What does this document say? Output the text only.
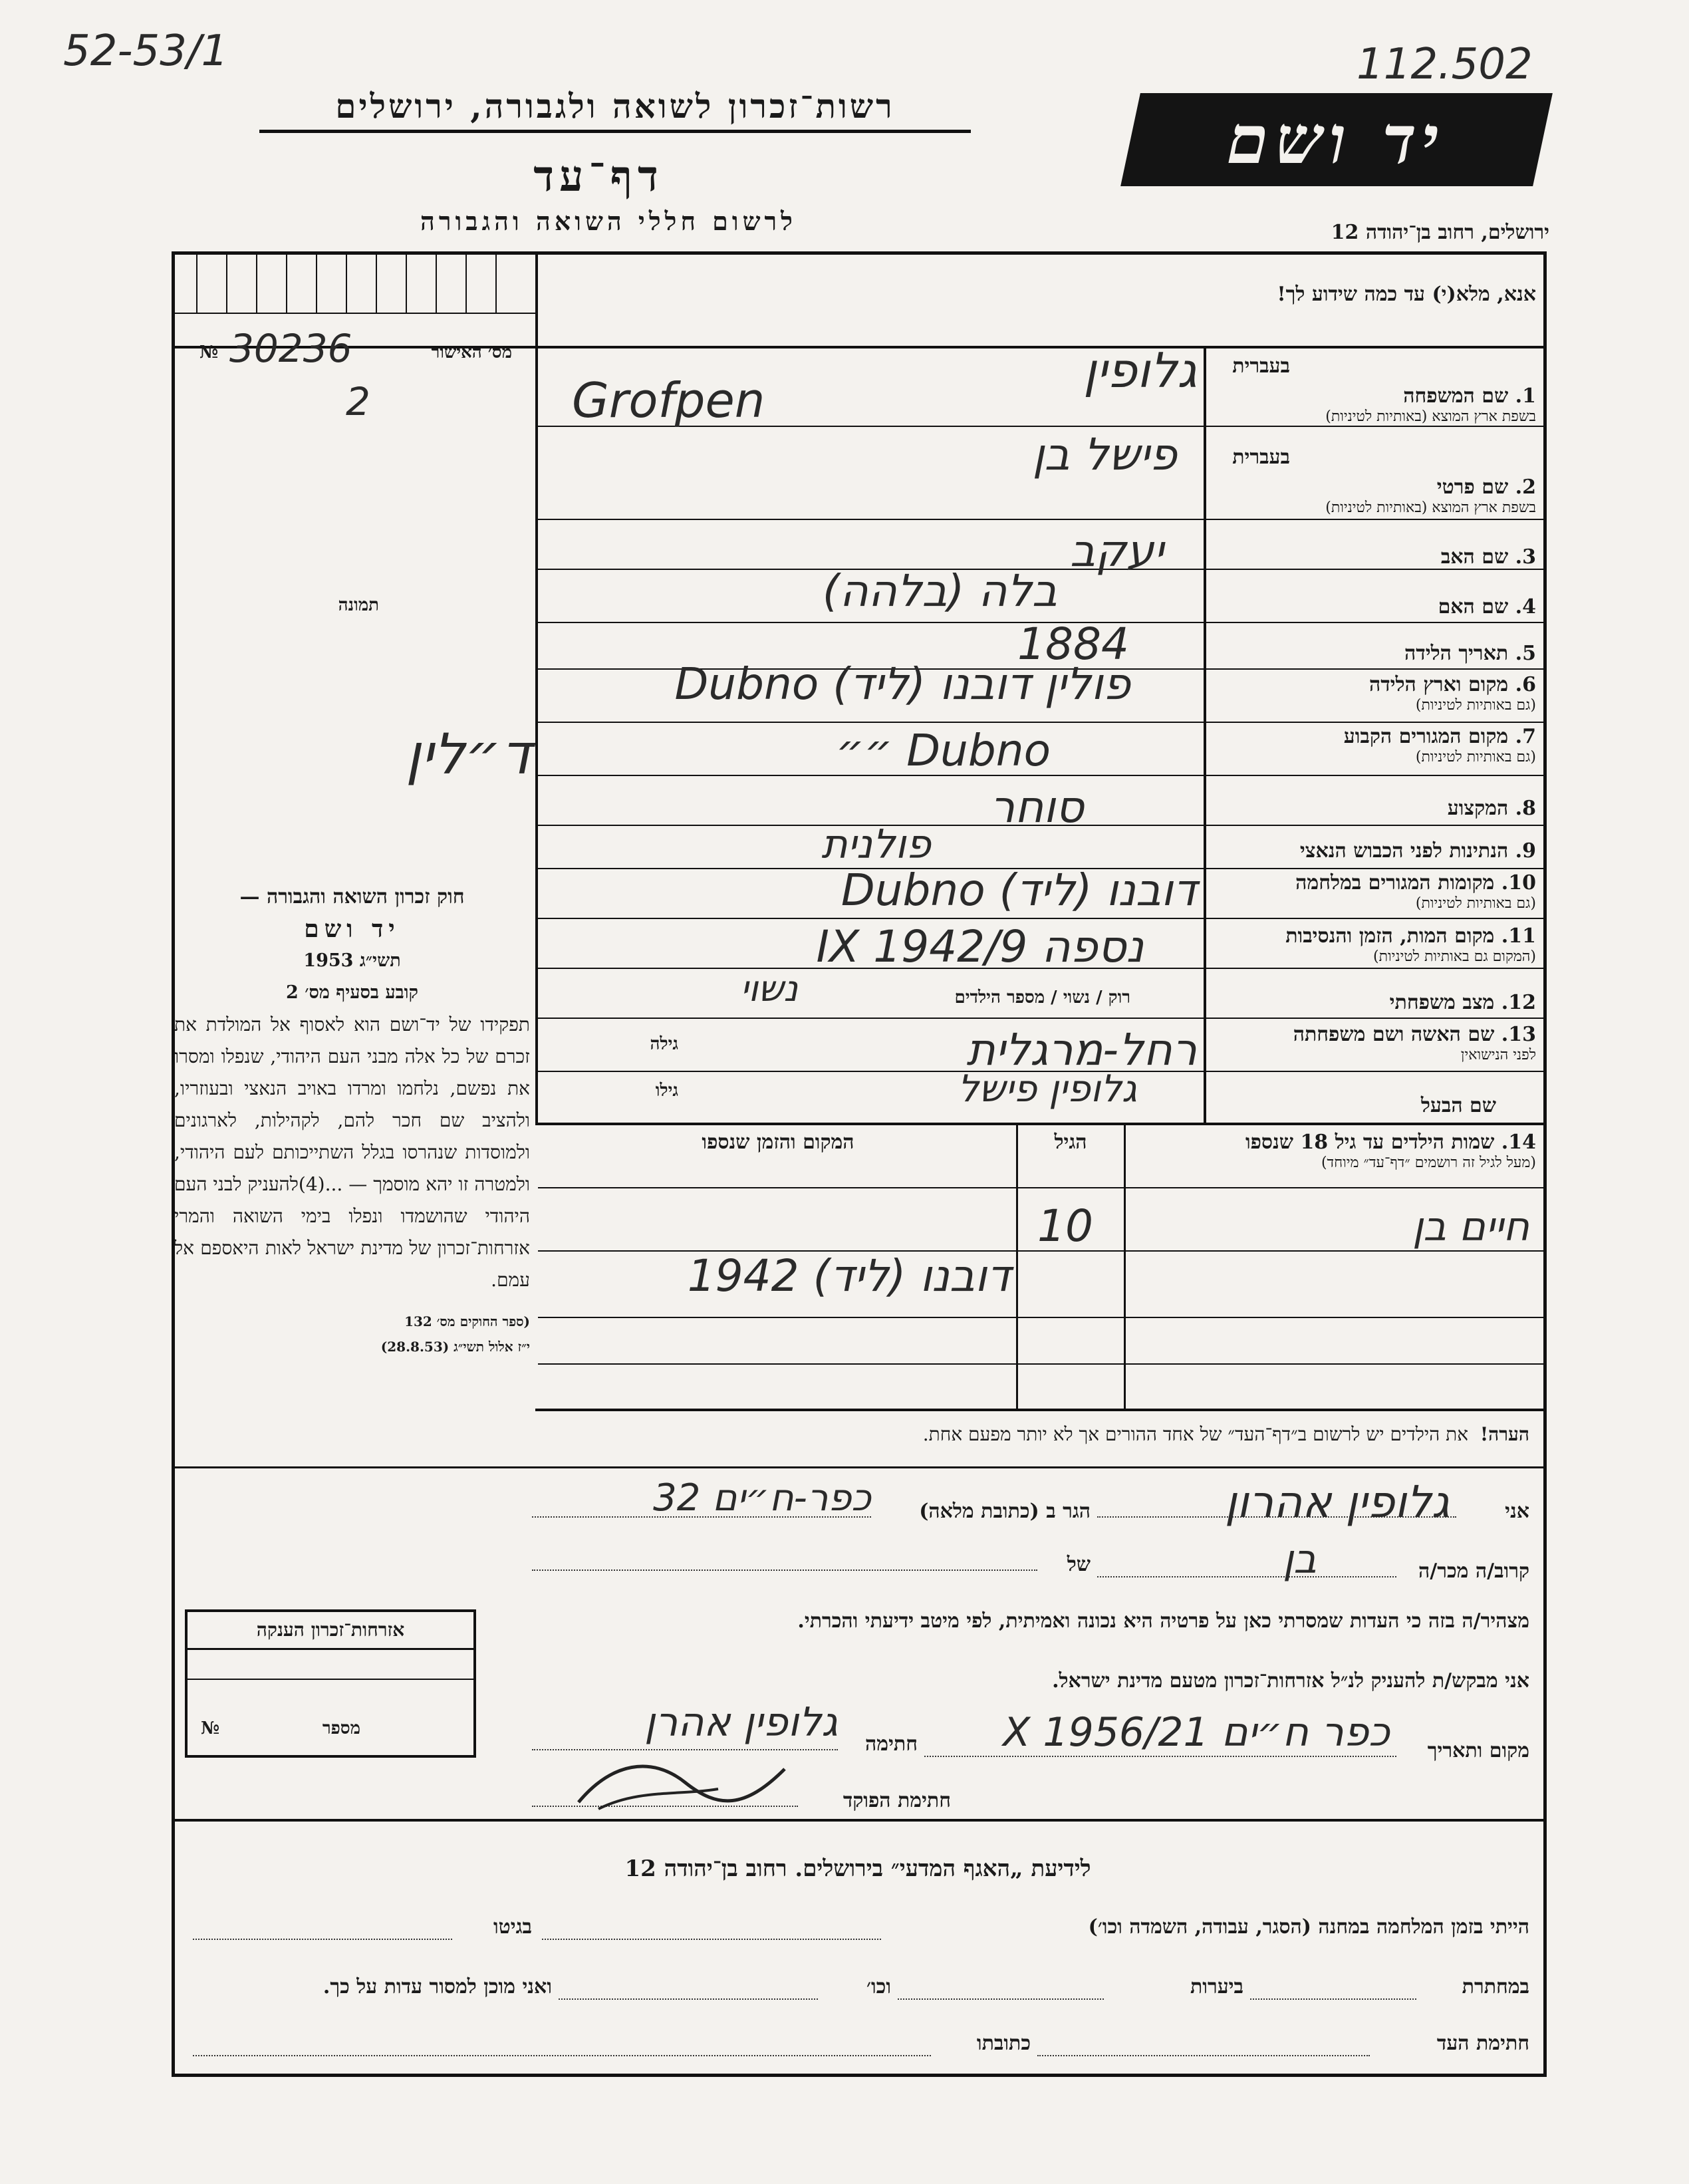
52-53/1	112.502
רשות־זכרון לשואה ולגבורה, ירושלים
דף־עד
לרשום חללי השואה והגבורה
יד ושם
ירושלים, רחוב בן־יהודה 12
אנא, מלא(י) עד כמה שידוע לך!
מס׳ האישור
№ 30236
2
תמונה
ד״לין
בעברית
בעברית
1. שם המשפחה
בשפת ארץ המוצא (באותיות לטיניות)
2. שם פרטי
בשפת ארץ המוצא (באותיות לטיניות)
3. שם האב
4. שם האם
5. תאריך הלידה
6. מקום וארץ הלידה
(גם באותיות לטיניות)
7. מקום המגורים הקבוע
(גם באותיות לטיניות)
8. המקצוע
9. הנתינות לפני הכבוש הנאצי
10. מקומות המגורים במלחמה
(גם באותיות לטיניות)
11. מקום המות, הזמן והנסיבות
(המקום גם באותיות לטיניות)
12. מצב משפחתי
13. שם האשה ושם משפחתה
לפני הנישואין
שם הבעל
גלופין
Grofpen
פישל בן
יעקב
בלה (בלהה)
1884
פולין דובנו (ליד) Dubno
Dubno ״״
סוחר
פולנית
דובנו (ליד) Dubno
נספה 9/IX 1942
רוק / נשוי / מספר הילדים
נשוי
גילה	רחל-מרגלית
גלופין פישל
גילו
14. שמות הילדים עד גיל 18 שנספו
(מעל לגיל זה רושמים ״דף־עד״ מיוחד)
הגיל
המקום והזמן שנספו
חיים בן
10
דובנו (ליד) 1942
הערה!  את הילדים יש לרשום ב״דף־העד״ של אחד ההורים אך לא יותר מפעם אחת.
אני
גלופין אהרון
הגר ב (כתובת מלאה)
כפר-ח״ים 32
קרוב/ה מכר/ה
בן
של
מצהיר/ה בזה כי העדות שמסרתי כאן על פרטיה היא נכונה ואמיתית, לפי מיטב ידיעתי והכרתי.
אני מבקש/ת להעניק לנ״ל אזרחות־זכרון מטעם מדינת ישראל.
מקום ותאריך
כפר ח״ים 21/X 1956
חתימה
גלופין אהרן
חתימת הפוקד
אזרחות־זכרון הענקה
מספר
№

חוק זכרון השואה והגבורה —

יד ושם

תשי״ג 1953

קובע בסעיף מס׳ 2

תפקידו של יד־ושם הוא לאסוף אל המולדת את זכרם של כל אלה מבני העם היהודי, שנפלו ומסרו את נפשם, נלחמו ומרדו באויב הנאצי ובעוזריו, ולהציב שם חכר להם, לקהילות, לארגונים ולמוסדות שנהרסו בגלל השתייכותם לעם היהודי, ולמטרה זו יהא מוסמך — ...(4)להעניק לבני העם היהודי שהושמדו ונפלו בימי השואה והמרי אזרחות־זכרון של מדינת ישראל לאות היאספם אל עמם.

(ספר החוקים מס׳ 132

י״ז אלול תשי״ג (28.8.53)

לידיעת „האגף המדעי״ בירושלים. רחוב בן־יהודה 12
הייתי בזמן המלחמה במחנה (הסגר, עבודה, השמדה וכו׳)
בגיטו
במחתרת
ביערות
וכו׳
ואני מוכן למסור עדות על כך.
חתימת העד
כתובתו
